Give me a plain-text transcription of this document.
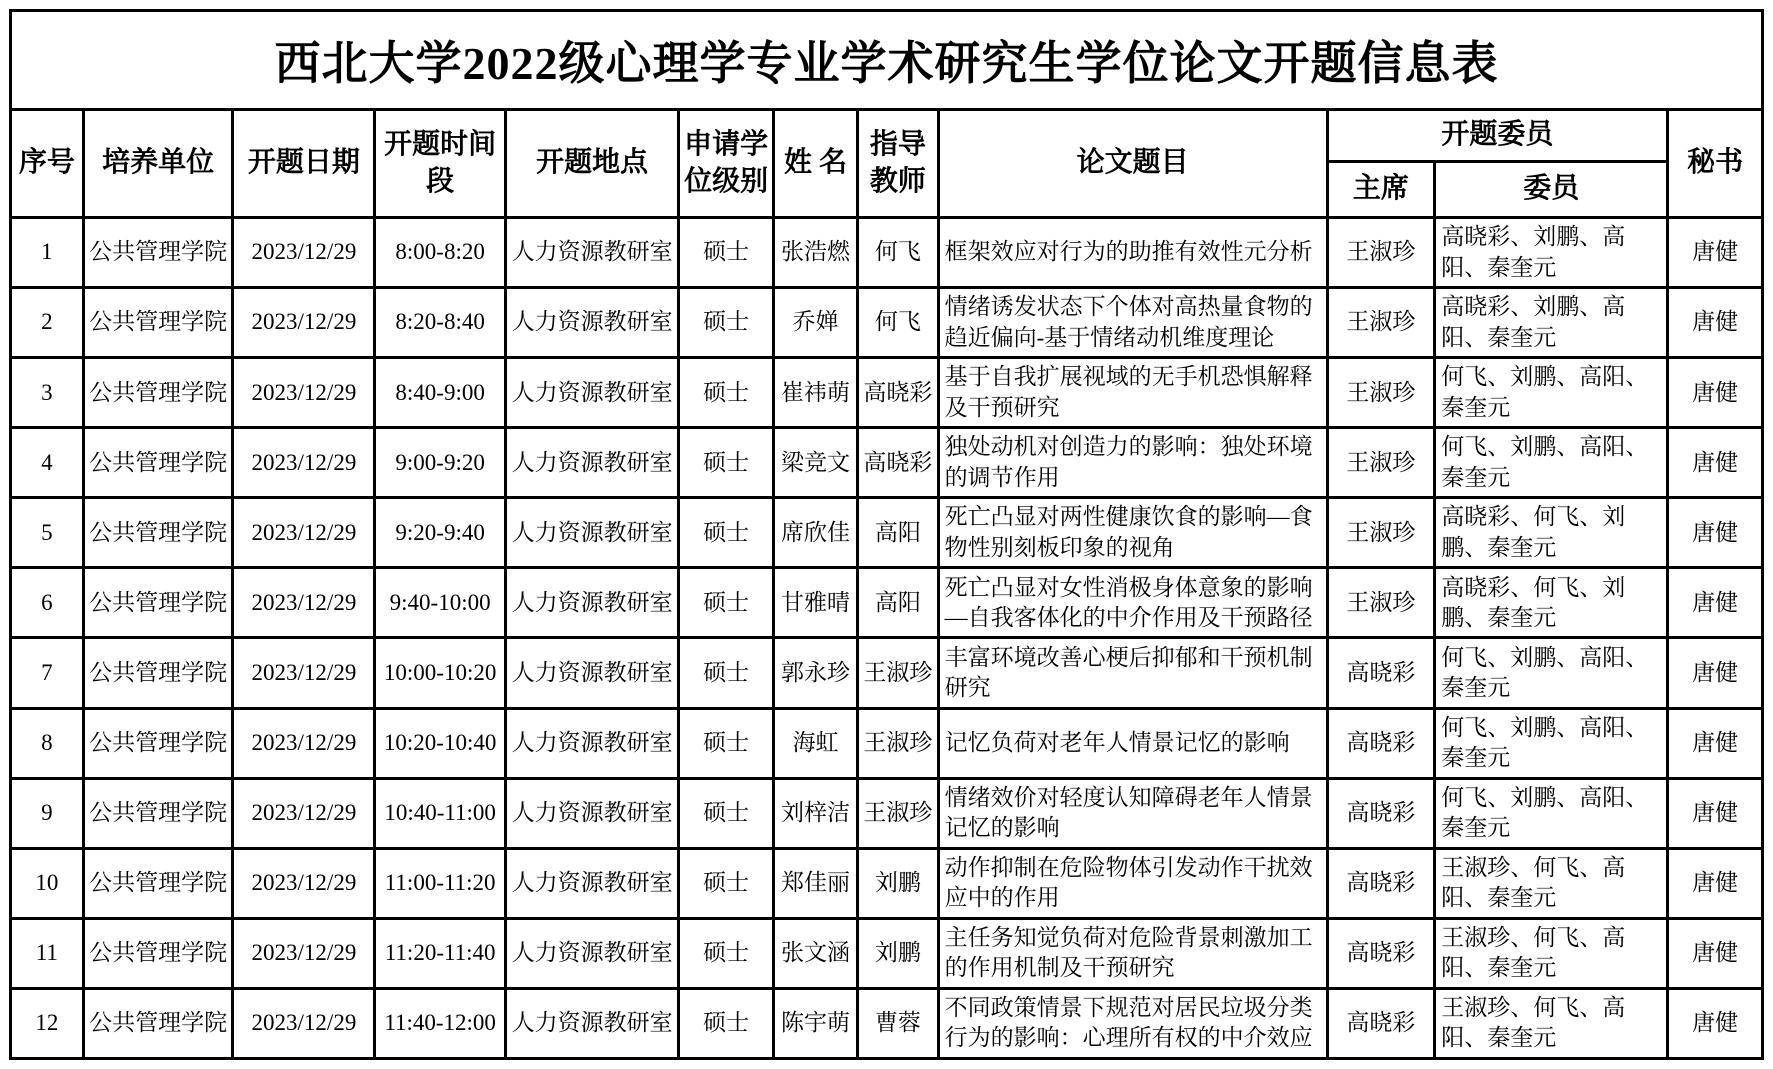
西北大学2022级心理学专业学术研究生学位论文开题信息表											
序号	培养单位	开题日期	开题时间段	开题地点	申请学位级别	姓 名	指导教师	论文题目	开题委员		秘书
									主席	委员	
1	公共管理学院	2023/12/29	8:00-8:20	人力资源教研室	硕士	张浩燃	何飞	框架效应对行为的助推有效性元分析	王淑珍	高晓彩、刘鹏、高阳、秦奎元	唐健
2	公共管理学院	2023/12/29	8:20-8:40	人力资源教研室	硕士	乔婵	何飞	情绪诱发状态下个体对高热量食物的趋近偏向-基于情绪动机维度理论	王淑珍	高晓彩、刘鹏、高阳、秦奎元	唐健
3	公共管理学院	2023/12/29	8:40-9:00	人力资源教研室	硕士	崔祎萌	高晓彩	基于自我扩展视域的无手机恐惧解释及干预研究	王淑珍	何飞、刘鹏、高阳、秦奎元	唐健
4	公共管理学院	2023/12/29	9:00-9:20	人力资源教研室	硕士	梁竞文	高晓彩	独处动机对创造力的影响：独处环境的调节作用	王淑珍	何飞、刘鹏、高阳、秦奎元	唐健
5	公共管理学院	2023/12/29	9:20-9:40	人力资源教研室	硕士	席欣佳	高阳	死亡凸显对两性健康饮食的影响—食物性别刻板印象的视角	王淑珍	高晓彩、何飞、刘鹏、秦奎元	唐健
6	公共管理学院	2023/12/29	9:40-10:00	人力资源教研室	硕士	甘雅晴	高阳	死亡凸显对女性消极身体意象的影响—自我客体化的中介作用及干预路径	王淑珍	高晓彩、何飞、刘鹏、秦奎元	唐健
7	公共管理学院	2023/12/29	10:00-10:20	人力资源教研室	硕士	郭永珍	王淑珍	丰富环境改善心梗后抑郁和干预机制研究	高晓彩	何飞、刘鹏、高阳、秦奎元	唐健
8	公共管理学院	2023/12/29	10:20-10:40	人力资源教研室	硕士	海虹	王淑珍	记忆负荷对老年人情景记忆的影响	高晓彩	何飞、刘鹏、高阳、秦奎元	唐健
9	公共管理学院	2023/12/29	10:40-11:00	人力资源教研室	硕士	刘梓洁	王淑珍	情绪效价对轻度认知障碍老年人情景记忆的影响	高晓彩	何飞、刘鹏、高阳、秦奎元	唐健
10	公共管理学院	2023/12/29	11:00-11:20	人力资源教研室	硕士	郑佳丽	刘鹏	动作抑制在危险物体引发动作干扰效应中的作用	高晓彩	王淑珍、何飞、高阳、秦奎元	唐健
11	公共管理学院	2023/12/29	11:20-11:40	人力资源教研室	硕士	张文涵	刘鹏	主任务知觉负荷对危险背景刺激加工的作用机制及干预研究	高晓彩	王淑珍、何飞、高阳、秦奎元	唐健
12	公共管理学院	2023/12/29	11:40-12:00	人力资源教研室	硕士	陈宇萌	曹蓉	不同政策情景下规范对居民垃圾分类行为的影响：心理所有权的中介效应	高晓彩	王淑珍、何飞、高阳、秦奎元	唐健
